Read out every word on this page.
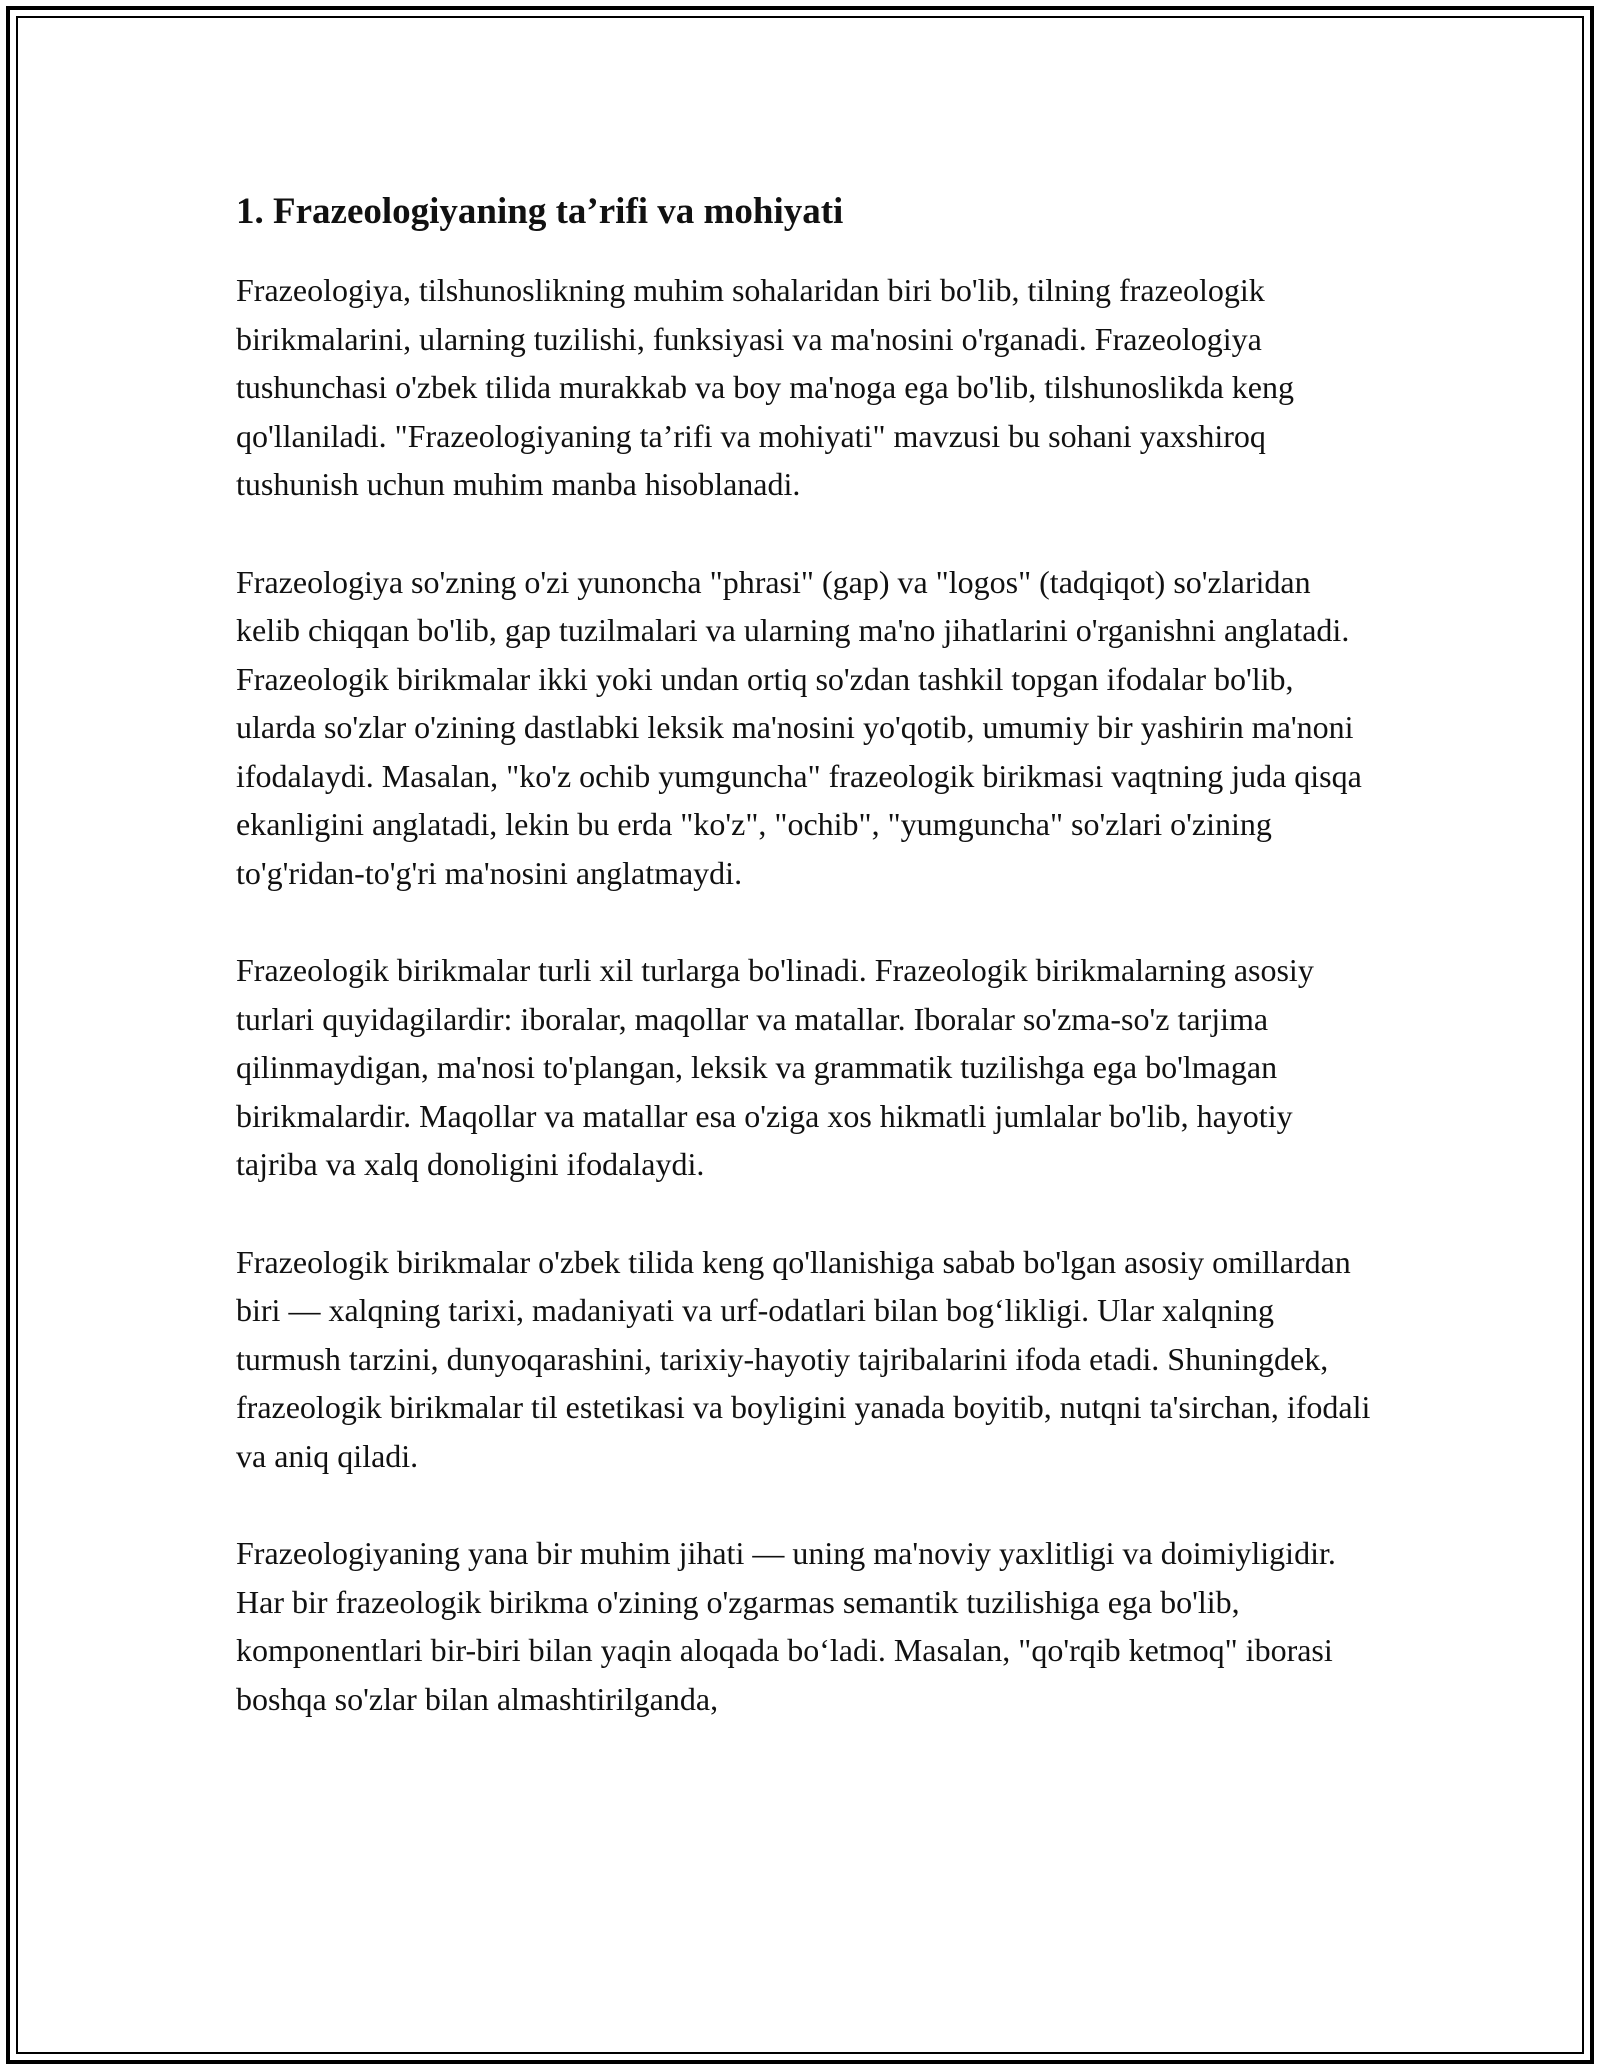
1. Frazeologiyaning ta’rifi va mohiyati

Frazeologiya, tilshunoslikning muhim sohalaridan biri bo'lib, tilning frazeologik birikmalarini, ularning tuzilishi, funksiyasi va ma'nosini o'rganadi. Frazeologiya tushunchasi o'zbek tilida murakkab va boy ma'noga ega bo'lib, tilshunoslikda keng qo'llaniladi. "Frazeologiyaning ta’rifi va mohiyati" mavzusi bu sohani yaxshiroq tushunish uchun muhim manba hisoblanadi.

Frazeologiya so'zning o'zi yunoncha "phrasi" (gap) va "logos" (tadqiqot) so'zlaridan kelib chiqqan bo'lib, gap tuzilmalari va ularning ma'no jihatlarini o'rganishni anglatadi. Frazeologik birikmalar ikki yoki undan ortiq so'zdan tashkil topgan ifodalar bo'lib, ularda so'zlar o'zining dastlabki leksik ma'nosini yo'qotib, umumiy bir yashirin ma'noni ifodalaydi. Masalan, "ko'z ochib yumguncha" frazeologik birikmasi vaqtning juda qisqa ekanligini anglatadi, lekin bu erda "ko'z", "ochib", "yumguncha" so'zlari o'zining to'g'ridan-to'g'ri ma'nosini anglatmaydi.

Frazeologik birikmalar turli xil turlarga bo'linadi. Frazeologik birikmalarning asosiy turlari quyidagilardir: iboralar, maqollar va matallar. Iboralar so'zma-so'z tarjima qilinmaydigan, ma'nosi to'plangan, leksik va grammatik tuzilishga ega bo'lmagan birikmalardir. Maqollar va matallar esa o'ziga xos hikmatli jumlalar bo'lib, hayotiy tajriba va xalq donoligini ifodalaydi.

Frazeologik birikmalar o'zbek tilida keng qo'llanishiga sabab bo'lgan asosiy omillardan biri — xalqning tarixi, madaniyati va urf-odatlari bilan bog‘likligi. Ular xalqning turmush tarzini, dunyoqarashini, tarixiy-hayotiy tajribalarini ifoda etadi. Shuningdek, frazeologik birikmalar til estetikasi va boyligini yanada boyitib, nutqni ta'sirchan, ifodali va aniq qiladi.

Frazeologiyaning yana bir muhim jihati — uning ma'noviy yaxlitligi va doimiyligidir. Har bir frazeologik birikma o'zining o'zgarmas semantik tuzilishiga ega bo'lib, komponentlari bir-biri bilan yaqin aloqada bo‘ladi. Masalan, "qo'rqib ketmoq" iborasi boshqa so'zlar bilan almashtirilganda,
